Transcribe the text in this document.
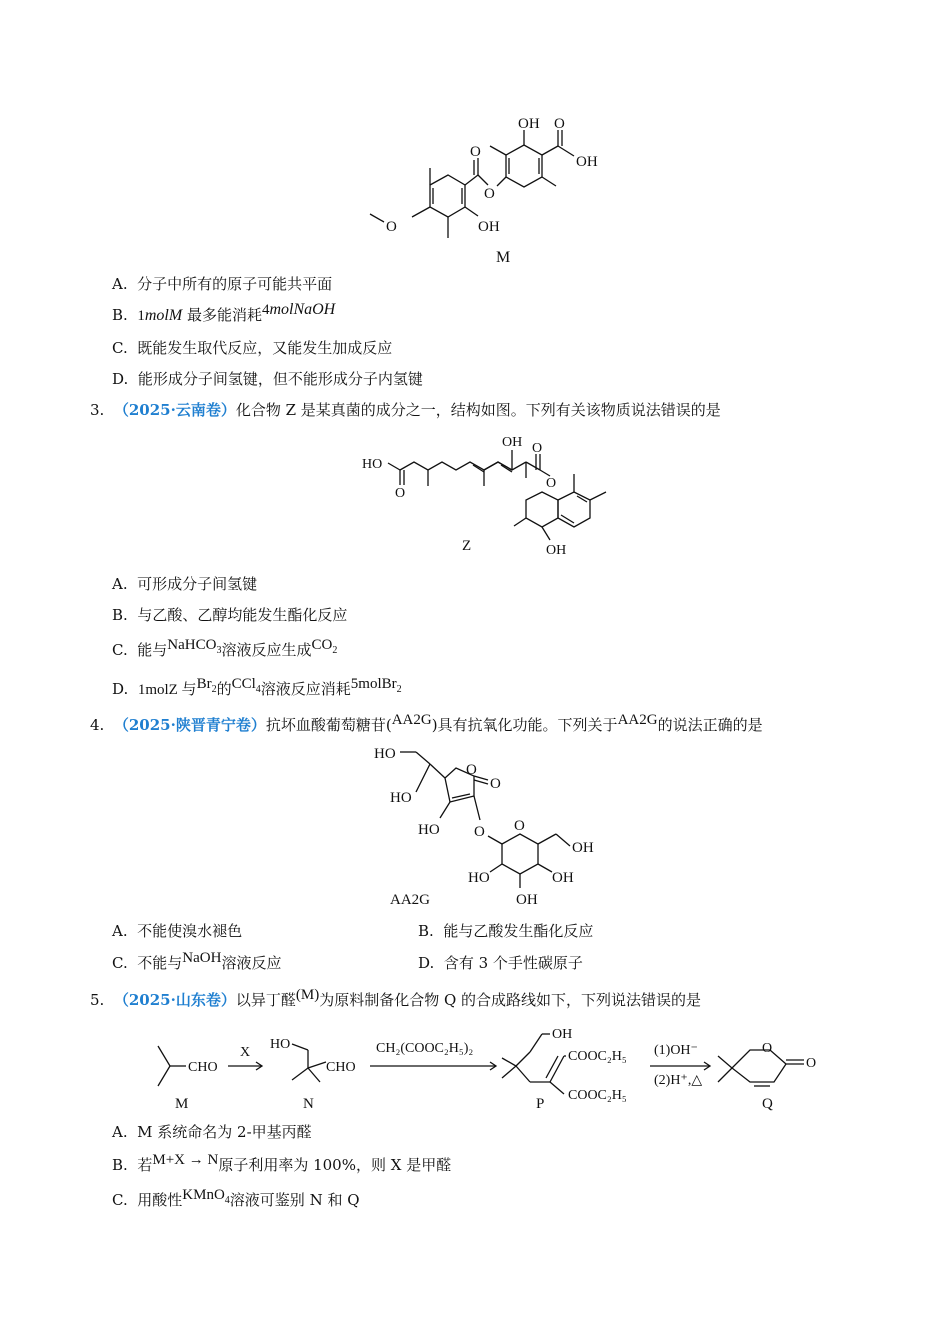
O	OH
O
O
OH O
OH
M
A. 分子中所有的原子可能共平面
B. 1molM 最多能消耗4molNaOH
C. 既能发生取代反应，又能发生加成反应
D. 能形成分子间氢键，但不能形成分子内氢键
3. （2025·云南卷）化合物 Z 是某真菌的成分之一，结构如图。下列有关该物质说法错误的是
HO
O
OH O
O
OH
Z
A. 可形成分子间氢键
B. 与乙酸、乙醇均能发生酯化反应
C. 能与NaHCO$_3$溶液反应生成$CO_2$
D. 1molZ 与$Br_2$的CCl$_4$溶液反应消耗5molBr$_2$
4. （2025·陕晋青宁卷）抗坏血酸葡萄糖苷(AA2G)具有抗氧化功能。下列关于AA2G的说法正确的是
HO
HO
O
O
HO O O
OH
HO	OH
OH
AA2G
A. 不能使溴水褪色	B. 能与乙酸发生酯化反应
C. 不能与NaOH溶液反应	D. 含有 3 个手性碳原子
5. （2025·山东卷）以异丁醛(M)为原料制备化合物 Q 的合成路线如下，下列说法错误的是
CHO
M
X
HO
CHO
N
CH₂(COOC₂H₅)₂
OH
COOC₂H₅
COOC₂H₅
P
(1)OH⁻
(2)H⁺,△
O
O
Q
A. M 系统命名为 2-甲基丙醛
B. 若M+X → N原子利用率为 100%，则 X 是甲醛
C. 用酸性KMnO$_4$溶液可鉴别 N 和 Q
